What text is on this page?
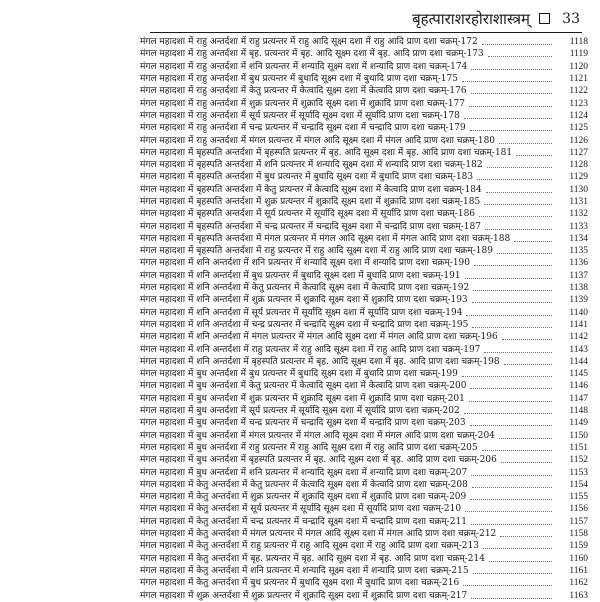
बृहत्पाराशरहोराशास्त्रम् 33
मंगल महादशा में राहु अन्तर्दशा में राहु प्रत्यन्तर में राहु आदि सूक्ष्म दशा में राहु आदि प्राण दशा चक्रम्-172	1118
मंगल महादशा में राहु अन्तर्दशा में बृह. प्रत्यन्तर में बृह. आदि सूक्ष्म दशा में बृह. आदि प्राण दशा चक्रम्-173	1119
मंगल महादशा में राहु अन्तर्दशा में शनि प्रत्यन्तर में शन्यादि सूक्ष्म दशा में शन्यादि प्राण दशा चक्रम्-174	1120
मंगल महादशा में राहु अन्तर्दशा में बुध प्रत्यन्तर में बुधादि सूक्ष्म दशा में बुधादि प्राण दशा चक्रम्-175	1121
मंगल महादशा में राहु अन्तर्दशा में केतु प्रत्यन्तर में केत्वादि सूक्ष्म दशा में केत्वादि प्राण दशा चक्रम्-176	1122
मंगल महादशा में राहु अन्तर्दशा में शुक्र प्रत्यन्तर में शुक्रादि सूक्ष्म दशा में शुक्रादि प्राण दशा चक्रम्-177	1123
मंगल महादशा में राहु अन्तर्दशा में सूर्य प्रत्यन्तर में सूर्यादि सूक्ष्म दशा में सूर्यादि प्राण दशा चक्रम्-178	1124
मंगल महादशा में राहु अन्तर्दशा में चन्द्र प्रत्यन्तर में चन्द्रादि सूक्ष्म दशा में चन्द्रादि प्राण दशा चक्रम्-179	1125
मंगल महादशा में राहु अन्तर्दशा में मंगल प्रत्यन्तर में मंगल आदि सूक्ष्म दशा में मंगल आदि प्राण दशा चक्रम्-180	1126
मंगल महादशा में बृहस्पति अन्तर्दशा में बृहस्पति प्रत्यन्तर में बृह. आदि सूक्ष्म दशा में बृह. आदि प्राण दशा चक्रम्-181	1127
मंगल महादशा में बृहस्पति अन्तर्दशा में शनि प्रत्यन्तर में शन्यादि सूक्ष्म दशा में शन्यादि प्राण दशा चक्रम्-182	1128
मंगल महादशा में बृहस्पति अन्तर्दशा में बुध प्रत्यन्तर में बुधादि सूक्ष्म दशा में बुधादि प्राण दशा चक्रम्-183	1129
मंगल महादशा में बृहस्पति अन्तर्दशा में केतु प्रत्यन्तर में केत्वादि सूक्ष्म दशा में केत्वादि प्राण दशा चक्रम्-184	1130
मंगल महादशा में बृहस्पति अन्तर्दशा में शुक्र प्रत्यन्तर में शुक्रादि सूक्ष्म दशा में शुक्रादि प्राण दशा चक्रम्-185	1131
मंगल महादशा में बृहस्पति अन्तर्दशा में सूर्य प्रत्यन्तर में सूर्यादि सूक्ष्म दशा में सूर्यादि प्राण दशा चक्रम्-186	1132
मंगल महादशा में बृहस्पति अन्तर्दशा में चन्द्र प्रत्यन्तर में चन्द्रादि सूक्ष्म दशा में चन्द्रादि प्राण दशा चक्रम्-187	1133
मंगल महादशा में बृहस्पति अन्तर्दशा में मंगल प्रत्यन्तर में मंगल आदि सूक्ष्म दशा में मंगल आदि प्राण दशा चक्रम्-188	1134
मंगल महादशा में बृहस्पति अन्तर्दशा में राहु प्रत्यन्तर में राहु आदि सूक्ष्म दशा में राहु आदि प्राण दशा चक्रम्-189	1135
मंगल महादशा में शनि अन्तर्दशा में शनि प्रत्यन्तर में शन्यादि सूक्ष्म दशा में शन्यादि प्राण दशा चक्रम्-190	1136
मंगल महादशा में शनि अन्तर्दशा में बुध प्रत्यन्तर में बुधादि सूक्ष्म दशा में बुधादि प्राण दशा चक्रम्-191	1137
मंगल महादशा में शनि अन्तर्दशा में केतु प्रत्यन्तर में केत्वादि सूक्ष्म दशा में केत्वादि प्राण दशा चक्रम्-192	1138
मंगल महादशा में शनि अन्तर्दशा में शुक्र प्रत्यन्तर में शुक्रादि सूक्ष्म दशा में शुक्रादि प्राण दशा चक्रम्-193	1139
मंगल महादशा में शनि अन्तर्दशा में सूर्य प्रत्यन्तर में सूर्यादि सूक्ष्म दशा में सूर्यादि प्राण दशा चक्रम्-194	1140
मंगल महादशा में शनि अन्तर्दशा में चन्द्र प्रत्यन्तर में चन्द्रादि सूक्ष्म दशा में चन्द्रादि प्राण दशा चक्रम्-195	1141
मंगल महादशा में शनि अन्तर्दशा में मंगल प्रत्यन्तर में मंगल आदि सूक्ष्म दशा में मंगल आदि प्राण दशा चक्रम्-196	1142
मंगल महादशा में शनि अन्तर्दशा में राहु प्रत्यन्तर में राहु आदि सूक्ष्म दशा में राहु आदि प्राण दशा चक्रम्-197	1143
मंगल महादशा में शनि अन्तर्दशा में बृहस्पति प्रत्यन्तर में बृह. आदि सूक्ष्म दशा में बृह. आदि प्राण दशा चक्रम्-198	1144
मंगल महादशा में बुध अन्तर्दशा में बुध प्रत्यन्तर में बुधादि सूक्ष्म दशा में बुधादि प्राण दशा चक्रम्-199	1145
मंगल महादशा में बुध अन्तर्दशा में केतु प्रत्यन्तर में केत्वादि सूक्ष्म दशा में केत्वादि प्राण दशा चक्रम्-200	1146
मंगल महादशा में बुध अन्तर्दशा में शुक्र प्रत्यन्तर में शुक्रादि सूक्ष्म दशा में शुक्रादि प्राण दशा चक्रम्-201	1147
मंगल महादशा में बुध अन्तर्दशा में सूर्य प्रत्यन्तर में सूर्यादि सूक्ष्म दशा में सूर्यादि प्राण दशा चक्रम्-202	1148
मंगल महादशा में बुध अन्तर्दशा में चन्द्र प्रत्यन्तर में चन्द्रादि सूक्ष्म दशा में चन्द्रादि प्राण दशा चक्रम्-203	1149
मंगल महादशा में बुध अन्तर्दशा में मंगल प्रत्यन्तर में मंगल आदि सूक्ष्म दशा में मंगल आदि प्राण दशा चक्रम्-204	1150
मंगल महादशा में बुध अन्तर्दशा में राहु प्रत्यन्तर में राहु आदि सूक्ष्म दशा में राहु आदि प्राण दशा चक्रम्-205	1151
मंगल महादशा में बुध अन्तर्दशा में बृहस्पति प्रत्यन्तर में बृह. आदि सूक्ष्म दशा में बृह. आदि प्राण दशा चक्रम्-206	1152
मंगल महादशा में बुध अन्तर्दशा में शनि प्रत्यन्तर में शन्यादि सूक्ष्म दशा में शन्यादि प्राण दशा चक्रम्-207	1153
मंगल महादशा में केतु अन्तर्दशा में केतु प्रत्यन्तर में केत्वादि सूक्ष्म दशा में केत्वादि प्राण दशा चक्रम्-208	1154
मंगल महादशा में केतु अन्तर्दशा में शुक्र प्रत्यन्तर में शुक्रादि सूक्ष्म दशा में शुक्रादि प्राण दशा चक्रम्-209	1155
मंगल महादशा में केतु अन्तर्दशा में सूर्य प्रत्यन्तर में सूर्यादि सूक्ष्म दशा में सूर्यादि प्राण दशा चक्रम्-210	1156
मंगल महादशा में केतु अन्तर्दशा में चन्द्र प्रत्यन्तर में चन्द्रादि सूक्ष्म दशा में चन्द्रादि प्राण दशा चक्रम्-211	1157
मंगल महादशा में केतु अन्तर्दशा में मंगल प्रत्यन्तर में मंगल आदि सूक्ष्म दशा में मंगल आदि प्राण दशा चक्रम्-212	1158
मंगल महादशा में केतु अन्तर्दशा में राहु प्रत्यन्तर में राहु आदि सूक्ष्म दशा में राहु आदि प्राण दशा चक्रम्-213	1159
मंगल महादशा में केतु अन्तर्दशा में बृह. प्रत्यन्तर में बृह. आदि सूक्ष्म दशा में बृह. आदि प्राण दशा चक्रम्-214	1160
मंगल महादशा में केतु अन्तर्दशा में शनि प्रत्यन्तर में शन्यादि सूक्ष्म दशा में शन्यादि प्राण दशा चक्रम्-215	1161
मंगल महादशा में केतु अन्तर्दशा में बुध प्रत्यन्तर में बुधादि सूक्ष्म दशा में बुधादि प्राण दशा चक्रम्-216	1162
मंगल महादशा में शुक्र अन्तर्दशा में शुक्र प्रत्यन्तर में शुक्रादि सूक्ष्म दशा में शुक्रादि प्राण दशा चक्रम्-217	1163
